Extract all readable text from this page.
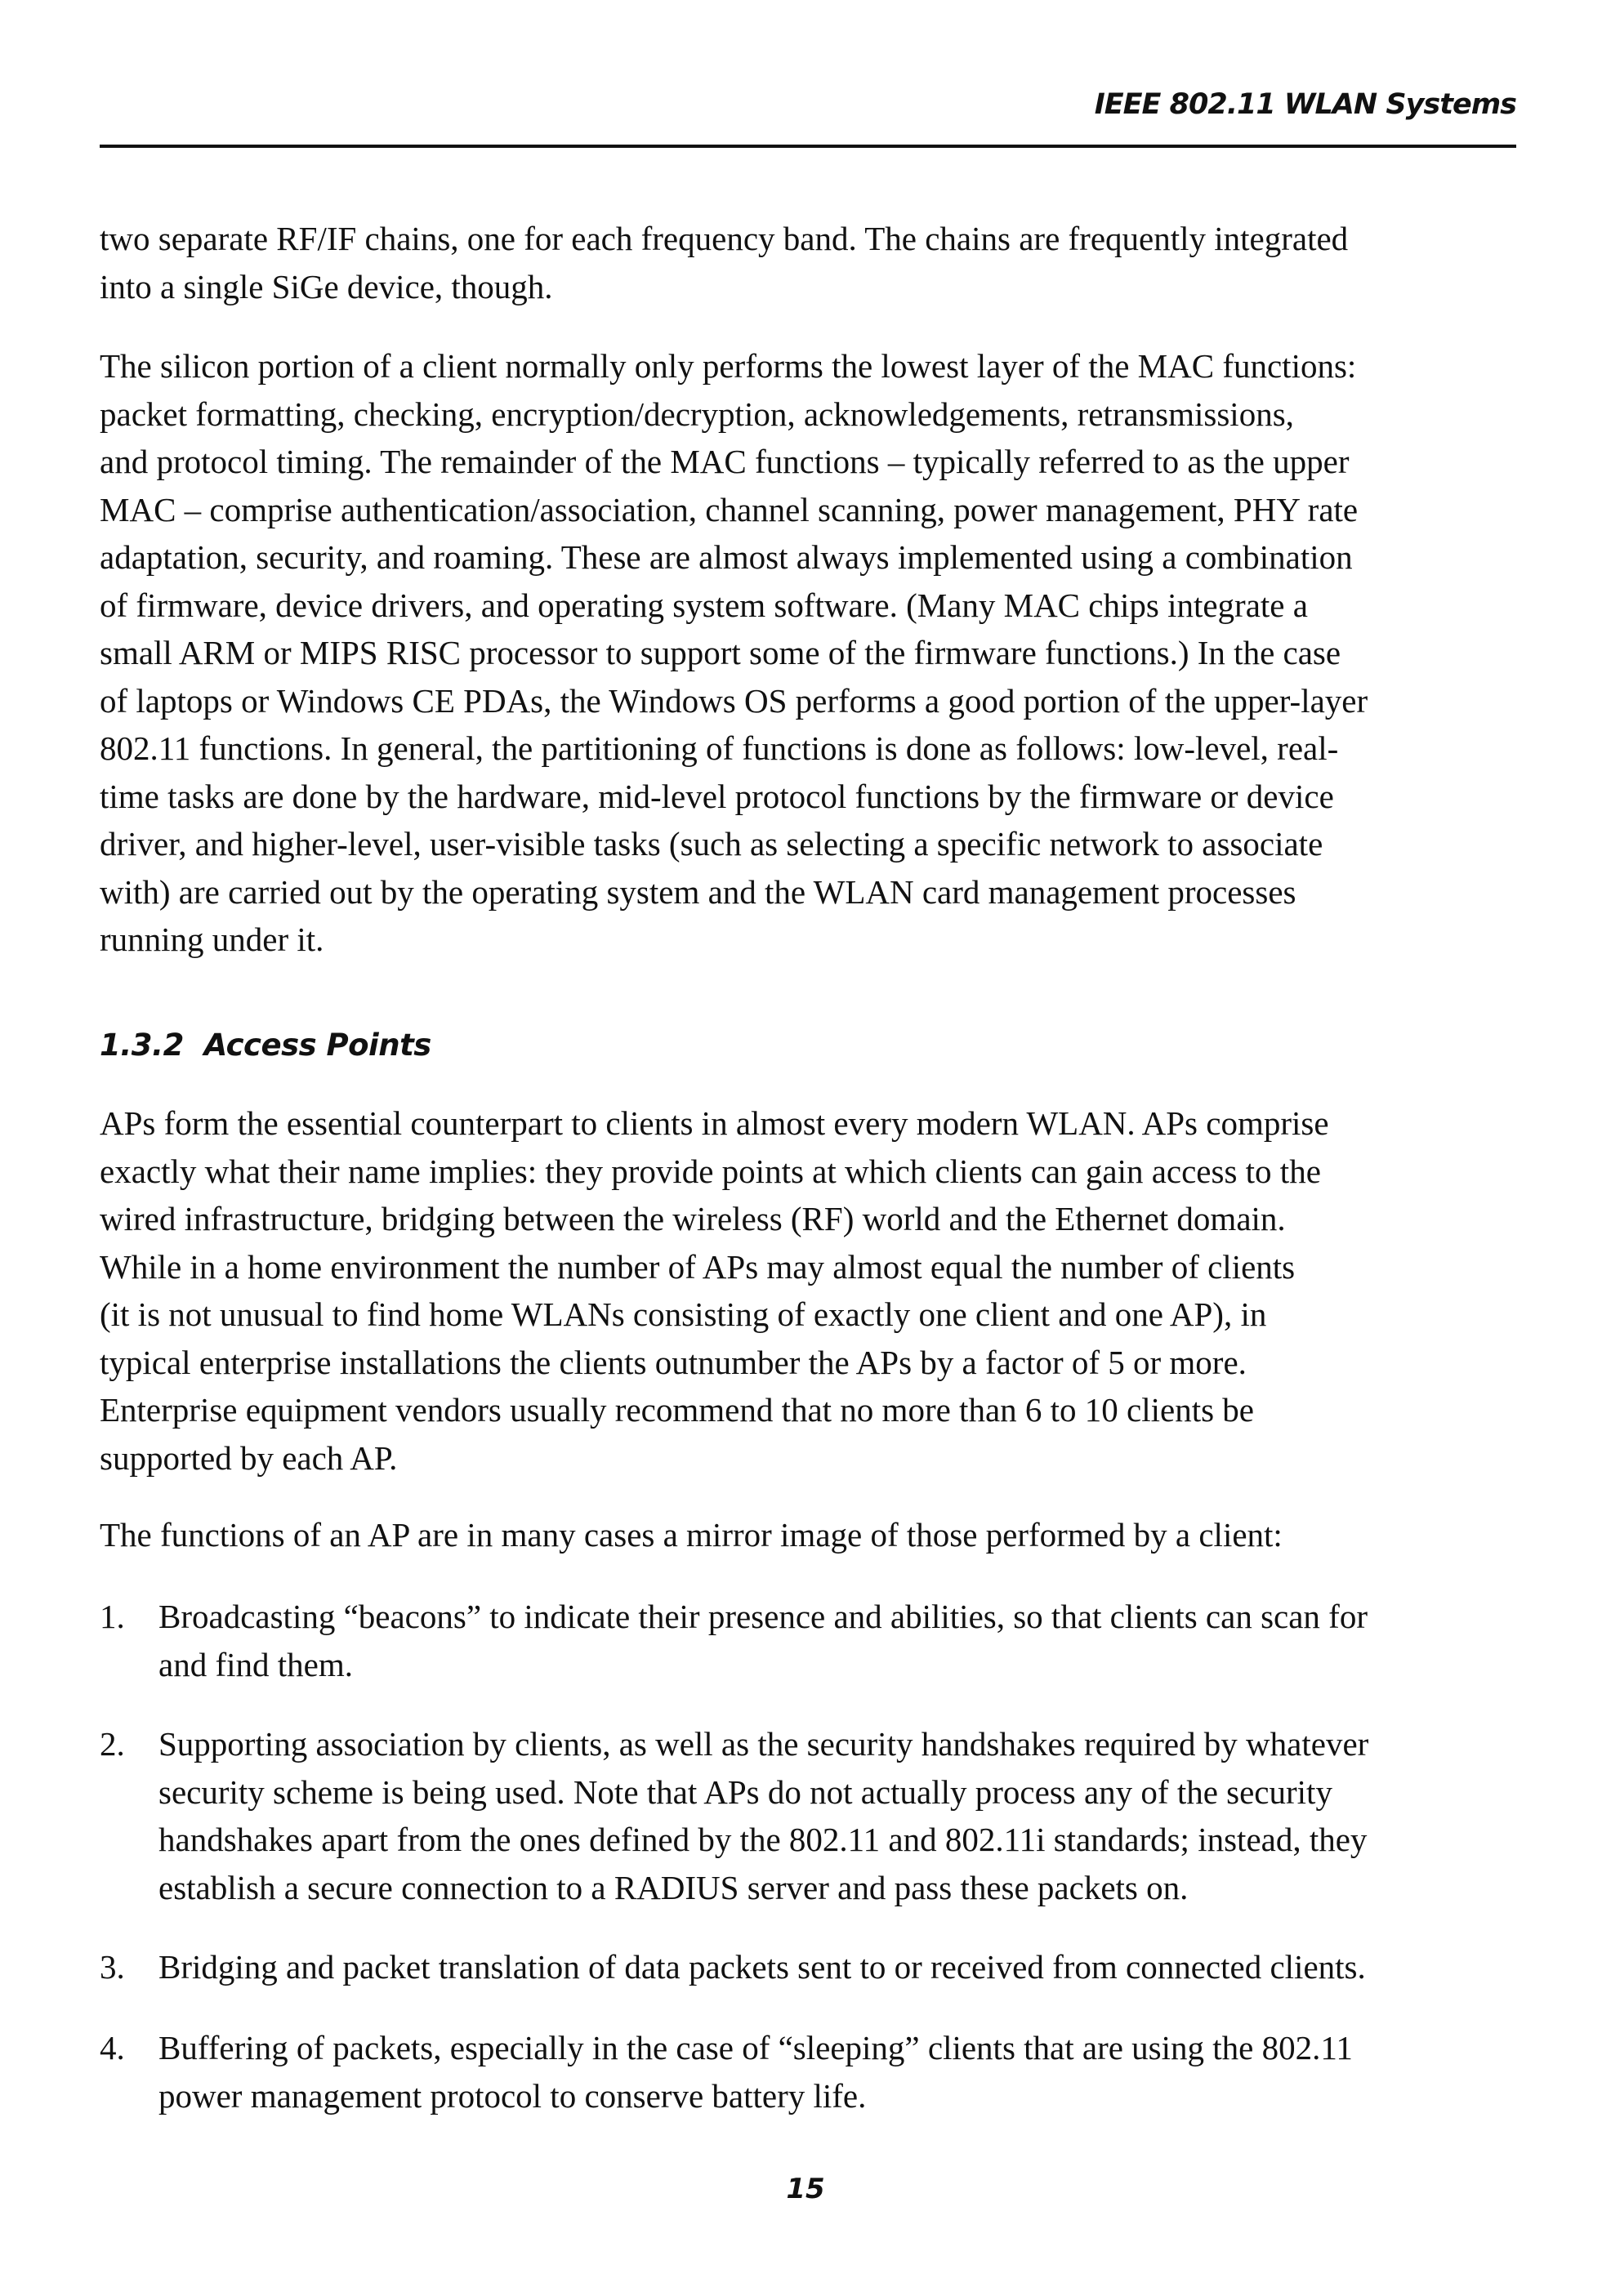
IEEE 802.11 WLAN Systems
two separate RF/IF chains, one for each frequency band. The chains are frequently integrated
into a single SiGe device, though.
The silicon portion of a client normally only performs the lowest layer of the MAC functions:
packet formatting, checking, encryption/decryption, acknowledgements, retransmissions,
and protocol timing. The remainder of the MAC functions – typically referred to as the upper
MAC – comprise authentication/association, channel scanning, power management, PHY rate
adaptation, security, and roaming. These are almost always implemented using a combination
of firmware, device drivers, and operating system software. (Many MAC chips integrate a
small ARM or MIPS RISC processor to support some of the firmware functions.) In the case
of laptops or Windows CE PDAs, the Windows OS performs a good portion of the upper-layer
802.11 functions. In general, the partitioning of functions is done as follows: low-level, real-
time tasks are done by the hardware, mid-level protocol functions by the firmware or device
driver, and higher-level, user-visible tasks (such as selecting a specific network to associate
with) are carried out by the operating system and the WLAN card management processes
running under it.
1.3.2 Access Points
APs form the essential counterpart to clients in almost every modern WLAN. APs comprise
exactly what their name implies: they provide points at which clients can gain access to the
wired infrastructure, bridging between the wireless (RF) world and the Ethernet domain.
While in a home environment the number of APs may almost equal the number of clients
(it is not unusual to find home WLANs consisting of exactly one client and one AP), in
typical enterprise installations the clients outnumber the APs by a factor of 5 or more.
Enterprise equipment vendors usually recommend that no more than 6 to 10 clients be
supported by each AP.
The functions of an AP are in many cases a mirror image of those performed by a client:
1. Broadcasting “beacons” to indicate their presence and abilities, so that clients can scan for
and find them.
2. Supporting association by clients, as well as the security handshakes required by whatever
security scheme is being used. Note that APs do not actually process any of the security
handshakes apart from the ones defined by the 802.11 and 802.11i standards; instead, they
establish a secure connection to a RADIUS server and pass these packets on.
3. Bridging and packet translation of data packets sent to or received from connected clients.
4. Buffering of packets, especially in the case of “sleeping” clients that are using the 802.11
power management protocol to conserve battery life.
15
